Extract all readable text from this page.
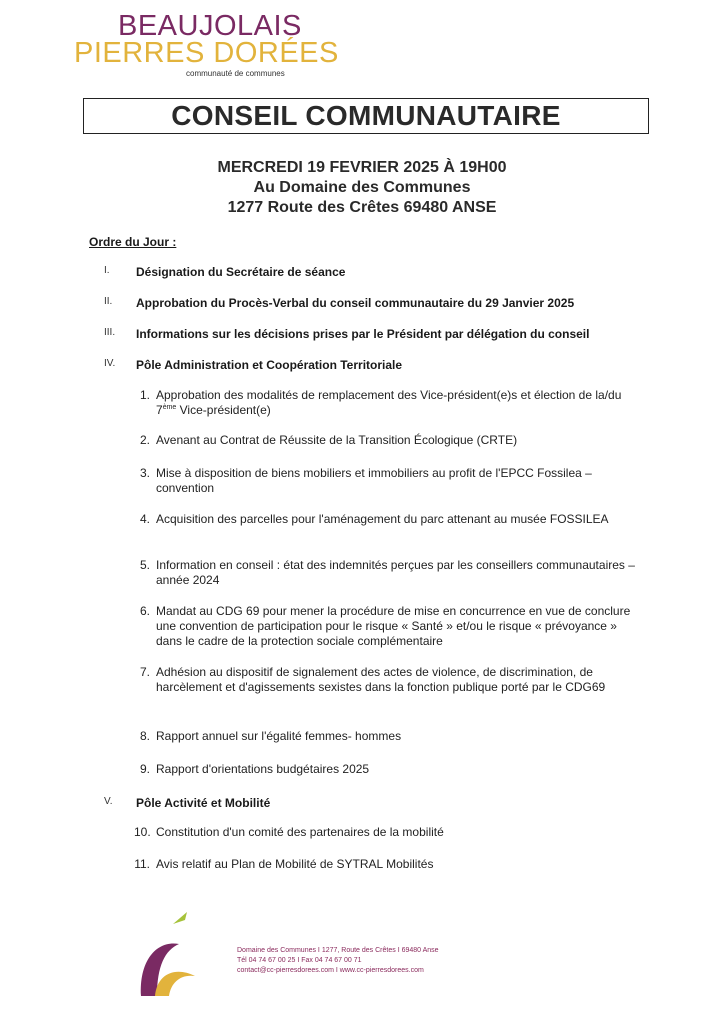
BEAUJOLAIS
PIERRES DORÉES
communauté de communes
CONSEIL COMMUNAUTAIRE
MERCREDI 19 FEVRIER 2025 À 19H00
Au Domaine des Communes
1277 Route des Crêtes 69480 ANSE
Ordre du Jour :
I. Désignation du Secrétaire de séance
II. Approbation du Procès-Verbal du conseil communautaire du 29 Janvier 2025
III. Informations sur les décisions prises par le Président par délégation du conseil
IV. Pôle Administration et Coopération Territoriale
1. Approbation des modalités de remplacement des Vice-président(e)s et élection de la/du 7ème Vice-président(e)
2. Avenant au Contrat de Réussite de la Transition Écologique (CRTE)
3. Mise à disposition de biens mobiliers et immobiliers au profit de l'EPCC Fossilea – convention
4. Acquisition des parcelles pour l'aménagement du parc attenant au musée FOSSILEA
5. Information en conseil : état des indemnités perçues par les conseillers communautaires – année 2024
6. Mandat au CDG 69 pour mener la procédure de mise en concurrence en vue de conclure une convention de participation pour le risque « Santé » et/ou le risque « prévoyance » dans le cadre de la protection sociale complémentaire
7. Adhésion au dispositif de signalement des actes de violence, de discrimination, de harcèlement et d'agissements sexistes dans la fonction publique porté par le CDG69
8. Rapport annuel sur l'égalité femmes- hommes
9. Rapport d'orientations budgétaires 2025
V. Pôle Activité et Mobilité
10. Constitution d'un comité des partenaires de la mobilité
11. Avis relatif au Plan de Mobilité de SYTRAL Mobilités
Domaine des Communes I 1277, Route des Crêtes I 69480 Anse
Tél 04 74 67 00 25 I Fax 04 74 67 00 71
contact@cc-pierresdorees.com I www.cc-pierresdorees.com
